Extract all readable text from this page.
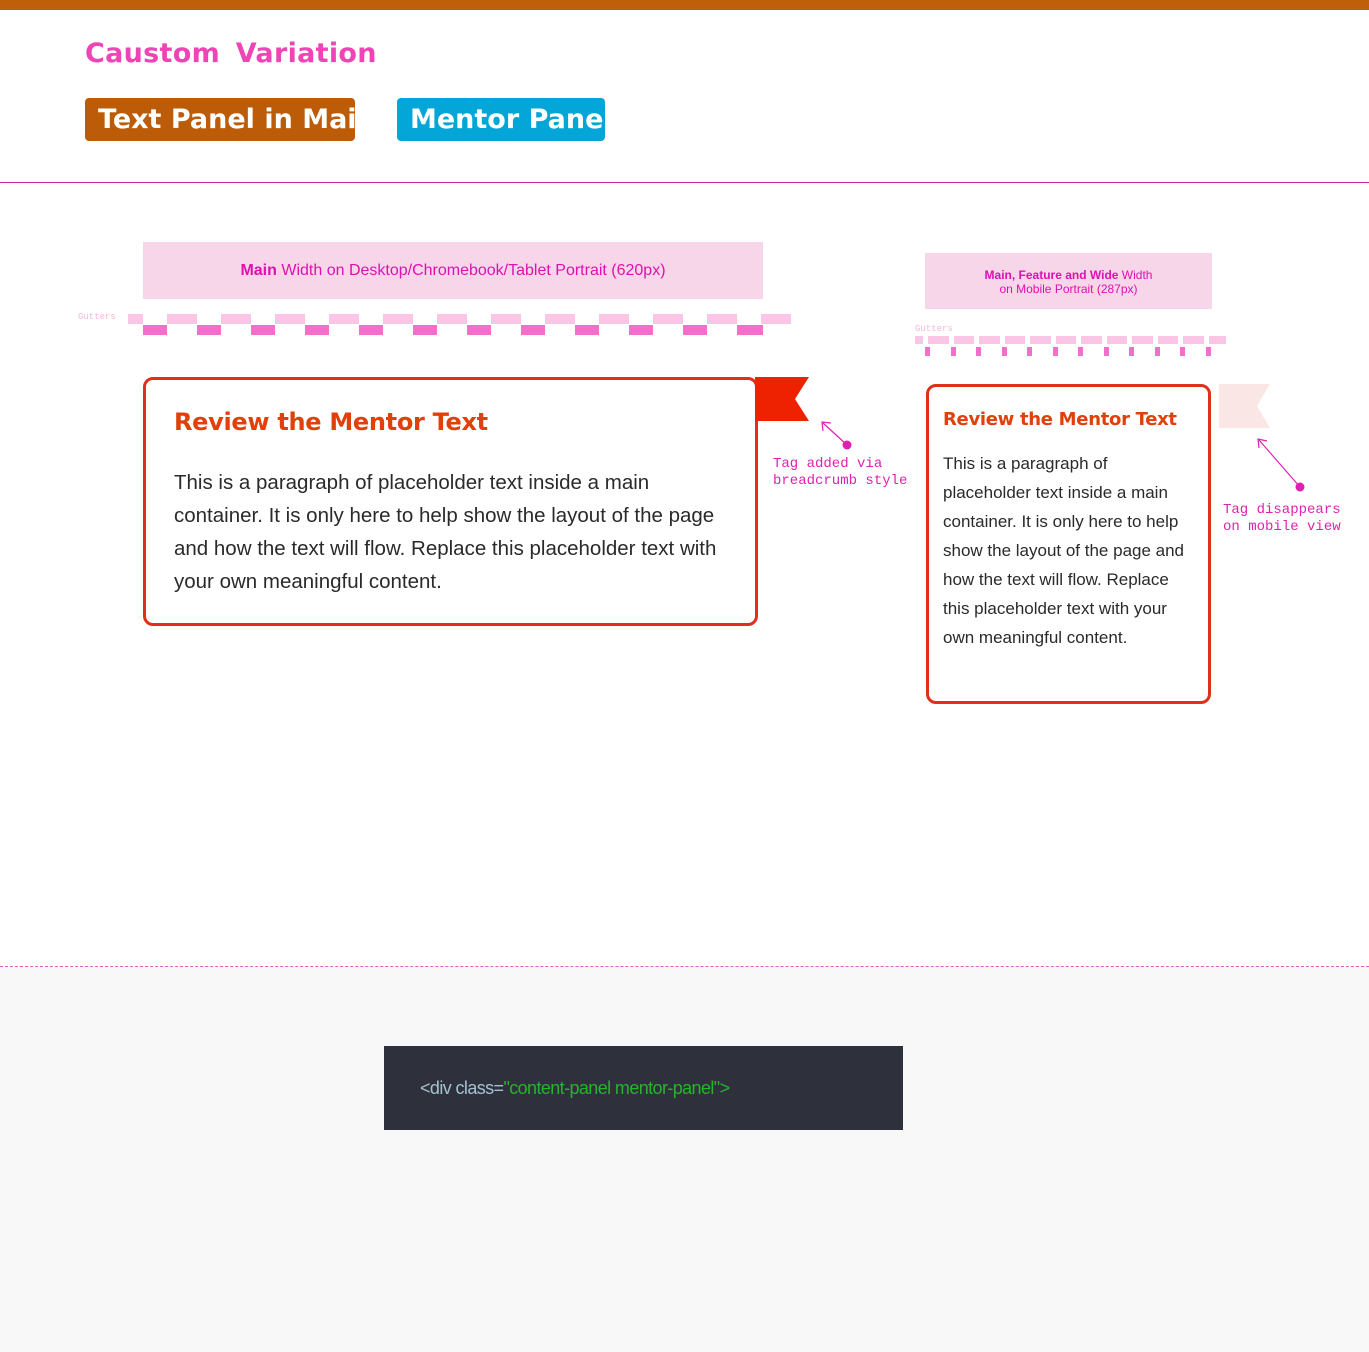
Caustom Variation
Text Panel in Main	Mentor Panel
Main Width on Desktop/Chromebook/Tablet Portrait (620px)
Gutters
Main, Feature and Wide Width
on Mobile Portrait (287px)
Gutters
Review the Mentor Text

This is a paragraph of placeholder text inside a main container. It is only here to help show the layout of the page and how the text will flow. Replace this placeholder text with your own meaningful content.

Tag added via
breadcrumb style
Review the Mentor Text

This is a paragraph of placeholder text inside a main container. It is only here to help show the layout of the page and how the text will flow. Replace this placeholder text with your own meaningful content.

Tag disappears
on mobile view
<div class="content-panel mentor-panel">
